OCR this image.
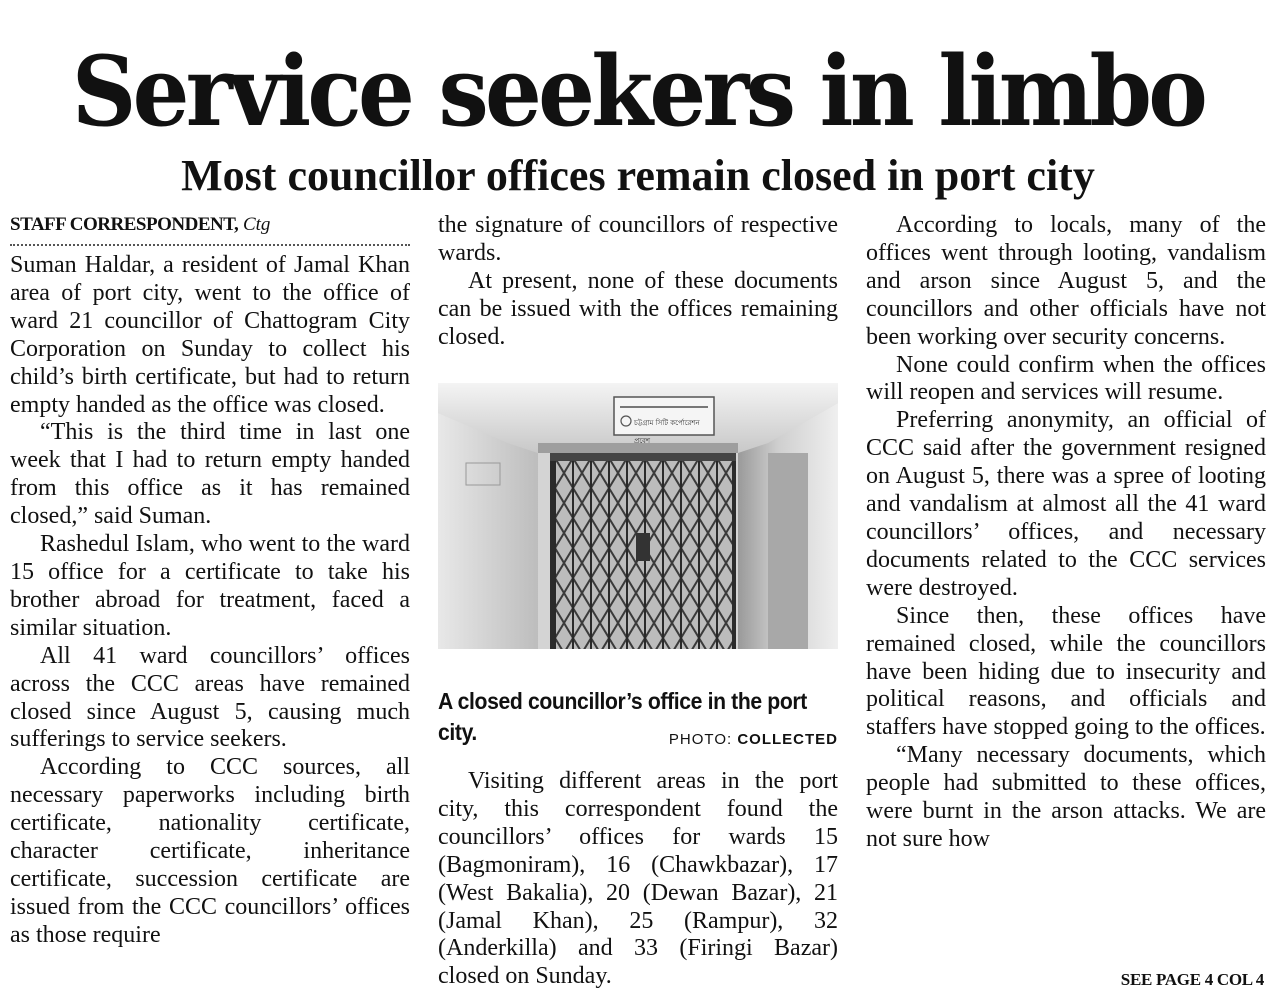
Service seekers in limbo
Most councillor offices remain closed in port city
STAFF CORRESPONDENT, Ctg

Suman Haldar, a resident of Jamal Khan area of port city, went to the office of ward 21 councillor of Chattogram City Corporation on Sunday to collect his child’s birth certificate, but had to return empty handed as the office was closed.

“This is the third time in last one week that I had to return empty handed from this office as it has remained closed,” said Suman.

Rashedul Islam, who went to the ward 15 office for a certificate to take his brother abroad for treatment, faced a similar situation.

All 41 ward councillors’ offices across the CCC areas have remained closed since August 5, causing much sufferings to service seekers.

According to CCC sources, all necessary paperworks including birth certificate, nationality certificate, character certificate, inheritance certificate, succession certificate are issued from the CCC councillors’ offices as those require

the signature of councillors of respective wards.

At present, none of these documents can be issued with the offices remaining closed.

চট্টগ্রাম সিটি কর্পোরেশন
প্রবেশ
A closed councillor’s office in the port city.	PHOTO: COLLECTED

Visiting different areas in the port city, this correspondent found the councillors’ offices for wards 15 (Bagmoniram), 16 (Chawkbazar), 17 (West Bakalia), 20 (Dewan Bazar), 21 (Jamal Khan), 25 (Rampur), 32 (Anderkilla) and 33 (Firingi Bazar) closed on Sunday.

According to locals, many of the offices went through looting, vandalism and arson since August 5, and the councillors and other officials have not been working over security concerns.

None could confirm when the offices will reopen and services will resume.

Preferring anonymity, an official of CCC said after the government resigned on August 5, there was a spree of looting and vandalism at almost all the 41 ward councillors’ offices, and necessary documents related to the CCC services were destroyed.

Since then, these offices have remained closed, while the councillors have been hiding due to insecurity and political reasons, and officials and staffers have stopped going to the offices.

“Many necessary documents, which people had submitted to these offices, were burnt in the arson attacks. We are not sure how

SEE PAGE 4 COL 4
